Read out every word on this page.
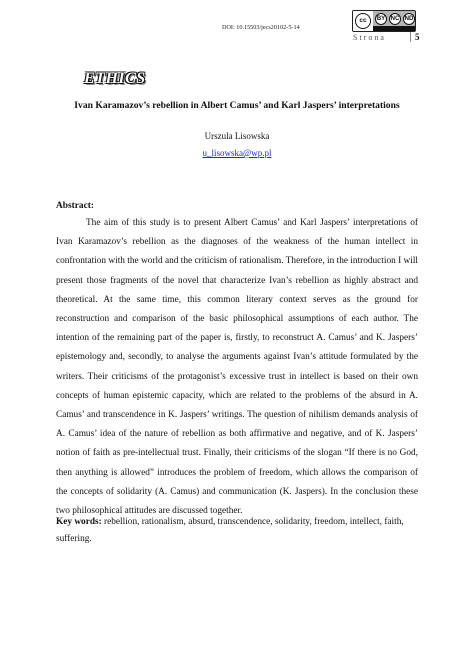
DOI: 10.15503/jecs20102-5-14
cc	BY NC ND
Strona	5
ETHICS
Ivan Karamazov’s rebellion in Albert Camus’ and Karl Jaspers’ interpretations
Urszula Lisowska
u_lisowska@wp.pl
Abstract:

The aim of this study is to present Albert Camus’ and Karl Jaspers’ interpretations of Ivan Karamazov’s rebellion as the diagnoses of the weakness of the human intellect in confrontation with the world and the criticism of rationalism. Therefore, in the introduction I will present those fragments of the novel that characterize Ivan’s rebellion as highly abstract and theoretical. At the same time, this common literary context serves as the ground for reconstruction and comparison of the basic philosophical assumptions of each author. The intention of the remaining part of the paper is, firstly, to reconstruct A. Camus’ and K. Jaspers’ epistemology and, secondly, to analyse the arguments against Ivan’s attitude formulated by the writers. Their criticisms of the protagonist’s excessive trust in intellect is based on their own concepts of human epistemic capacity, which are related to the problems of the absurd in A. Camus’ and transcendence in K. Jaspers’ writings. The question of nihilism demands analysis of A. Camus’ idea of the nature of rebellion as both affirmative and negative, and of K. Jaspers’ notion of faith as pre-intellectual trust. Finally, their criticisms of the slogan “If there is no God, then anything is allowed” introduces the problem of freedom, which allows the comparison of the concepts of solidarity (A. Camus) and communication (K. Jaspers). In the conclusion these two philosophical attitudes are discussed together.

Key words: rebellion, rationalism, absurd, transcendence, solidarity, freedom, intellect, faith, suffering.
